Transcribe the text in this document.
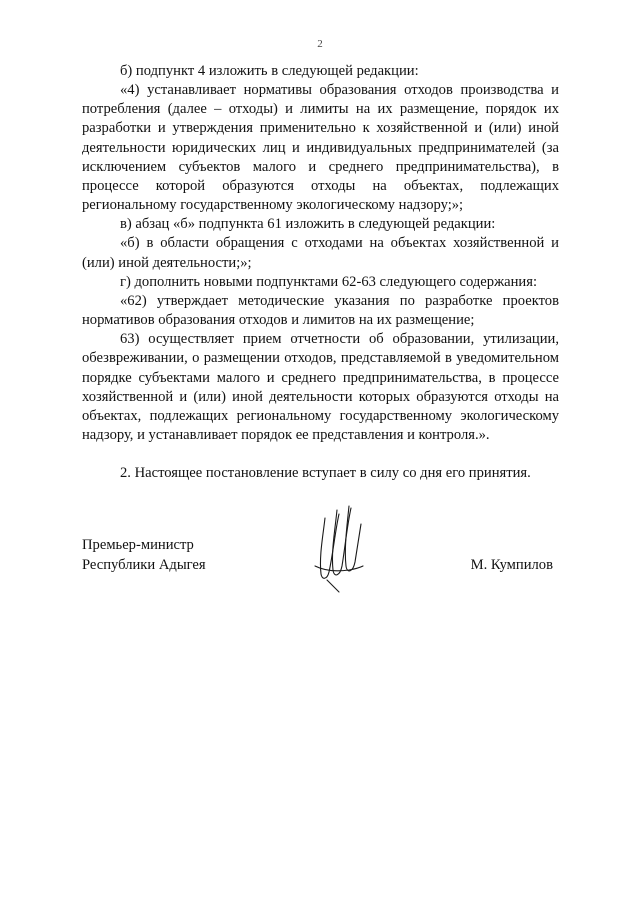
2

б) подпункт 4 изложить в следующей редакции:

«4) устанавливает нормативы образования отходов производства и потребления (далее – отходы) и лимиты на их размещение, порядок их разработки и утверждения применительно к хозяйственной и (или) иной деятельности юридических лиц и индивидуальных предпринимателей (за исключением субъектов малого и среднего предпринимательства), в процессе которой образуются отходы на объектах, подлежащих региональному государственному экологическому надзору;»;

в) абзац «б» подпункта 61 изложить в следующей редакции:

«б) в области обращения с отходами на объектах хозяйственной и (или) иной деятельности;»;

г) дополнить новыми подпунктами 62-63 следующего содержания:

«62) утверждает методические указания по разработке проектов нормативов образования отходов и лимитов на их размещение;

63) осуществляет прием отчетности об образовании, утилизации, обезвреживании, о размещении отходов, представляемой в уведомительном порядке субъектами малого и среднего предпринимательства, в процессе хозяйственной и (или) иной деятельности которых образуются отходы на объектах, подлежащих региональному государственному экологическому надзору, и устанавливает порядок ее представления и контроля.».

2. Настоящее постановление вступает в силу со дня его принятия.

Премьер-министр
Республики Адыгея	М. Кумпилов
